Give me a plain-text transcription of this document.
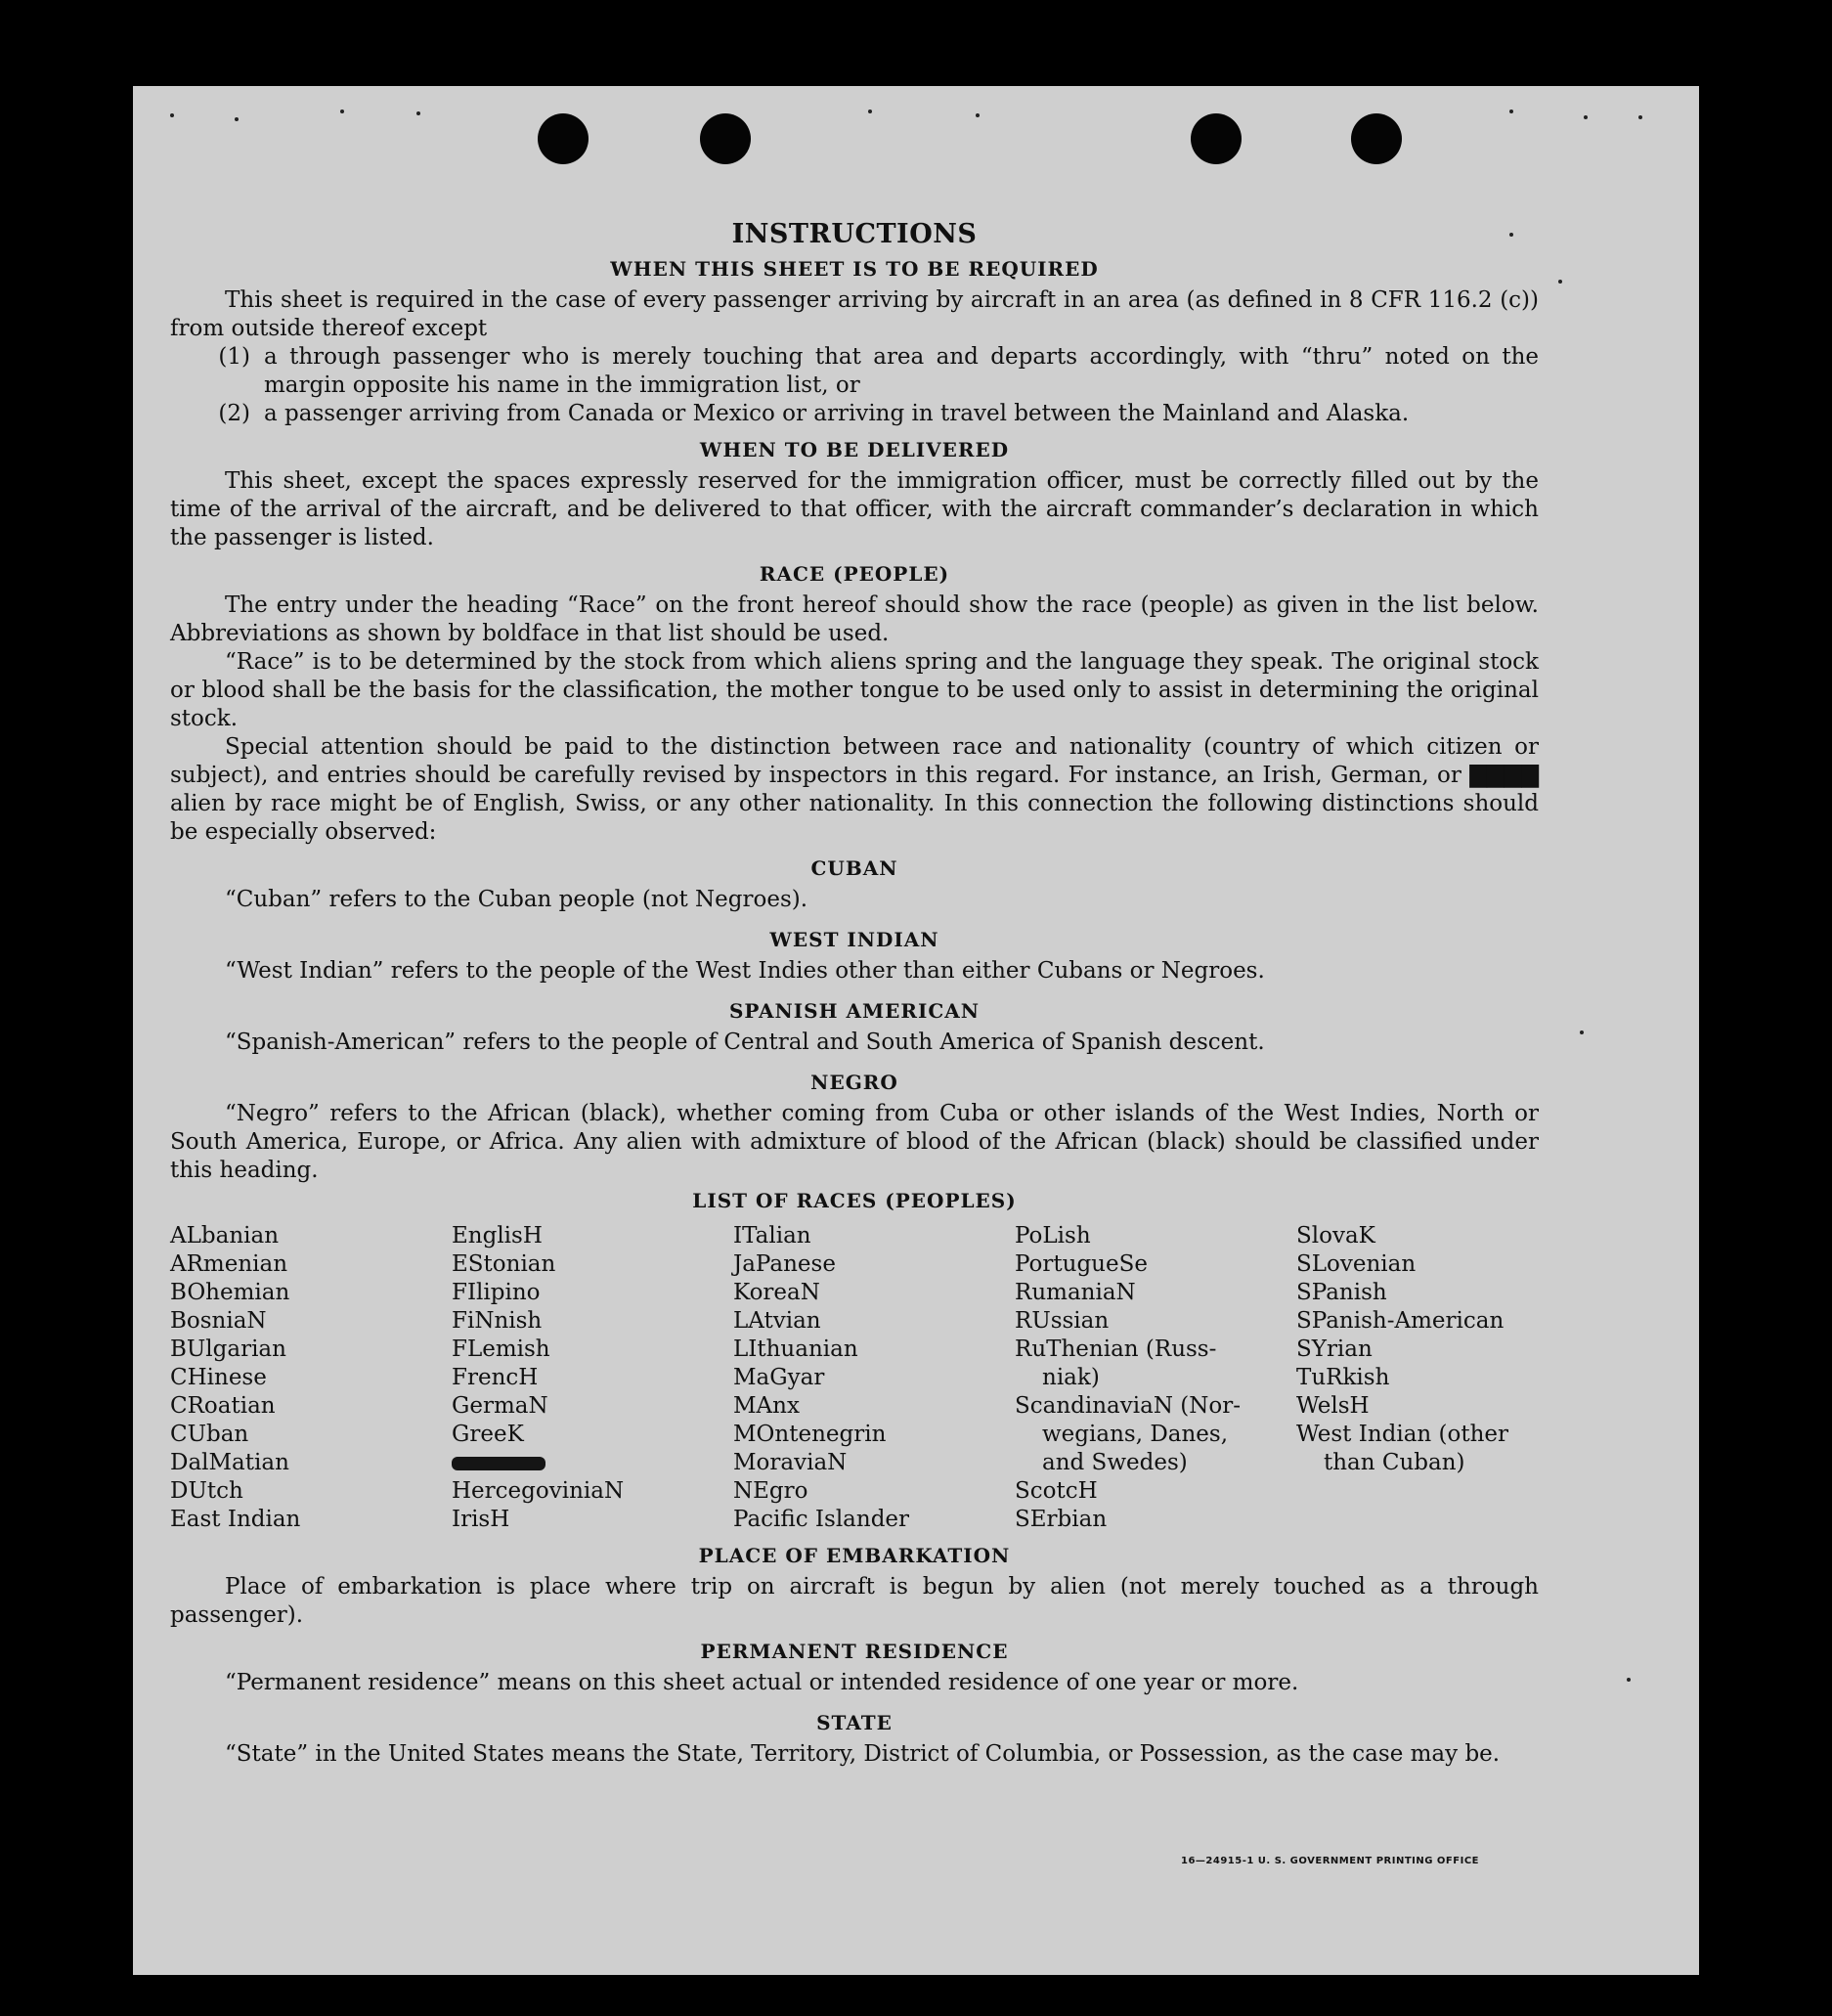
INSTRUCTIONS
WHEN THIS SHEET IS TO BE REQUIRED

This sheet is required in the case of every passenger arriving by aircraft in an area (as defined in 8 CFR 116.2 (c)) from outside thereof except

(1) a through passenger who is merely touching that area and departs accordingly, with “thru” noted on the margin opposite his name in the immigration list, or
(2) a passenger arriving from Canada or Mexico or arriving in travel between the Mainland and Alaska.
WHEN TO BE DELIVERED

This sheet, except the spaces expressly reserved for the immigration officer, must be correctly filled out by the time of the arrival of the aircraft, and be delivered to that officer, with the aircraft commander’s declaration in which the passenger is listed.

RACE (PEOPLE)

The entry under the heading “Race” on the front hereof should show the race (people) as given in the list below. Abbreviations as shown by boldface in that list should be used.

“Race” is to be determined by the stock from which aliens spring and the language they speak. The original stock or blood shall be the basis for the classification, the mother tongue to be used only to assist in determining the original stock.

Special attention should be paid to the distinction between race and nationality (country of which citizen or subject), and entries should be carefully revised by inspectors in this regard. For instance, an Irish, German, or ▇▇▇▇ alien by race might be of English, Swiss, or any other nationality. In this connection the following distinctions should be especially observed:

CUBAN

“Cuban” refers to the Cuban people (not Negroes).

WEST INDIAN

“West Indian” refers to the people of the West Indies other than either Cubans or Negroes.

SPANISH AMERICAN

“Spanish-American” refers to the people of Central and South America of Spanish descent.

NEGRO

“Negro” refers to the African (black), whether coming from Cuba or other islands of the West Indies, North or South America, Europe, or Africa. Any alien with admixture of blood of the African (black) should be classified under this heading.

LIST OF RACES (PEOPLES)
ALbanian
ARmenian
BOhemian
BosniaN
BUlgarian
CHinese
CRoatian
CUban
DalMatian
DUtch
East Indian
EnglisH
EStonian
FIlipino
FiNnish
FLemish
FrencH
GermaN
GreeK
HercegoviniaN
IrisH
ITalian
JaPanese
KoreaN
LAtvian
LIthuanian
MaGyar
MAnx
MOntenegrin
MoraviaN
NEgro
Pacific Islander
PoLish
PortugueSe
RumaniaN
RUssian
RuThenian (Russ-
niak)
ScandinaviaN (Nor-
wegians, Danes,
and Swedes)
ScotcH
SErbian
SlovaK
SLovenian
SPanish
SPanish-American
SYrian
TuRkish
WelsH
West Indian (other
than Cuban)
PLACE OF EMBARKATION

Place of embarkation is place where trip on aircraft is begun by alien (not merely touched as a through passenger).

PERMANENT RESIDENCE

“Permanent residence” means on this sheet actual or intended residence of one year or more.

STATE

“State” in the United States means the State, Territory, District of Columbia, or Possession, as the case may be.

16—24915-1 U. S. GOVERNMENT PRINTING OFFICE
